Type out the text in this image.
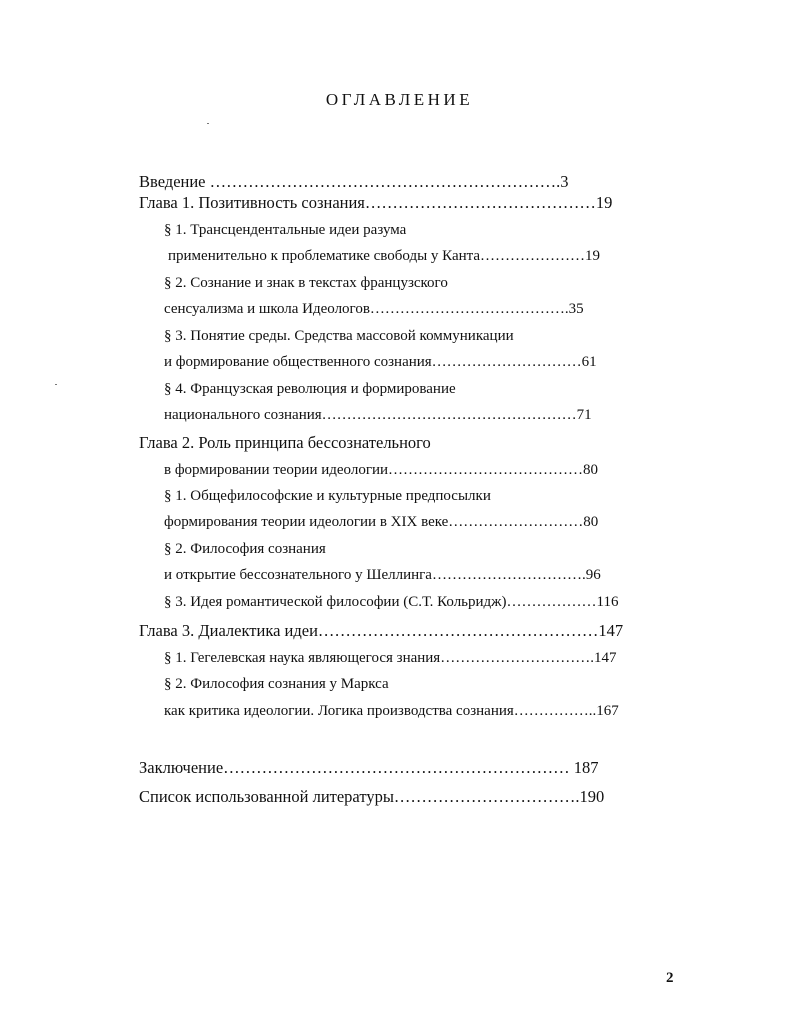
ОГЛАВЛЕНИЕ
Введение ……………………………………………………….3
Глава 1. Позитивность сознания……………………………………19
§ 1. Трансцендентальные идеи разума
применительно к проблематике свободы у Канта…………………19
§ 2. Сознание и знак в текстах французского
сенсуализма и школа Идеологов………………………………….35
§ 3. Понятие среды. Средства массовой коммуникации
и формирование общественного сознания…………………………61
§ 4. Французская революция и формирование
национального сознания……………………………………………71
Глава 2. Роль принципа бессознательного
в формировании теории идеологии…………………………………80
§ 1. Общефилософские и культурные предпосылки
формирования теории идеологии в XIX веке………………………80
§ 2. Философия сознания
и открытие бессознательного у Шеллинга………………………….96
§ 3. Идея романтической философии (С.Т. Кольридж)………………116
Глава 3. Диалектика идеи……………………………………………147
§ 1. Гегелевская наука являющегося знания………………………….147
§ 2. Философия сознания у Маркса
как критика идеологии. Логика производства сознания……………..167
Заключение……………………………………………………… 187
Список использованной литературы…………………………….190
2
